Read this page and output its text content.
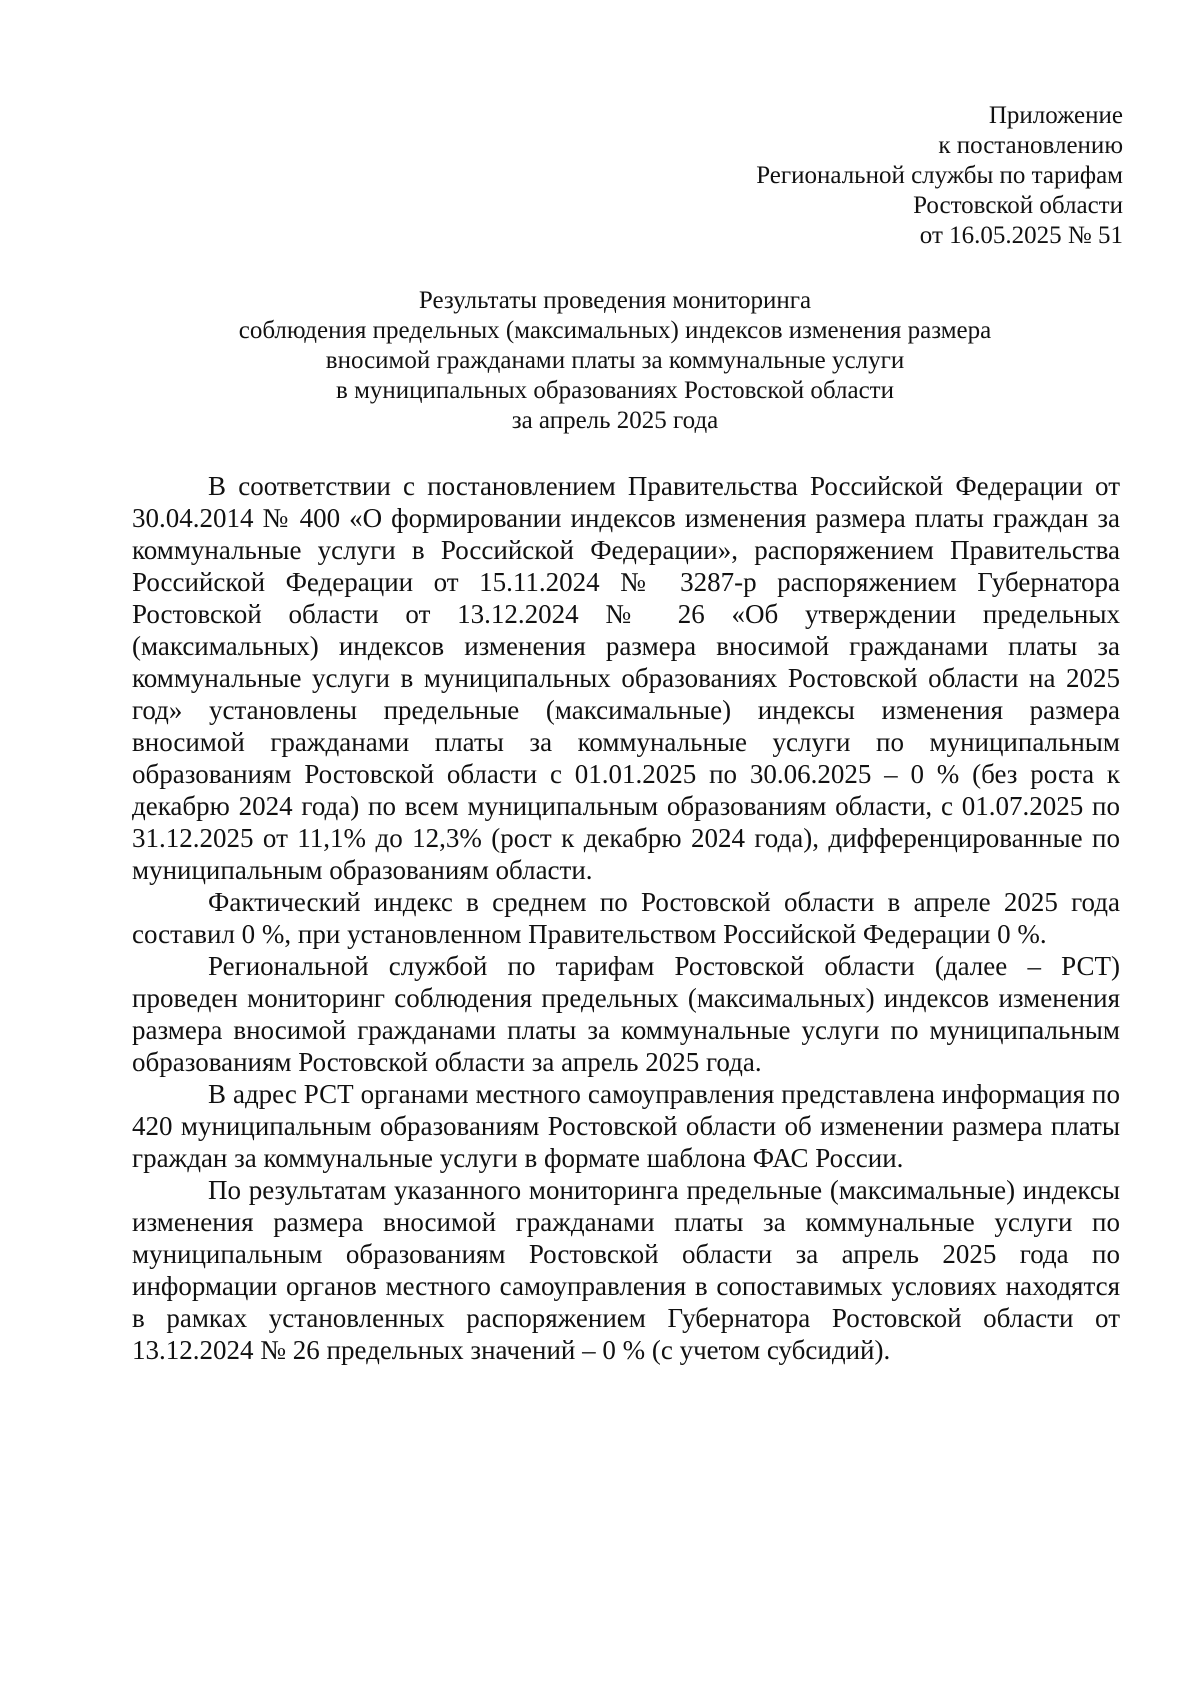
Приложение
к постановлению
Региональной службы по тарифам
Ростовской области
от 16.05.2025 № 51
Результаты проведения мониторинга
соблюдения предельных (максимальных) индексов изменения размера
вносимой гражданами платы за коммунальные услуги
в муниципальных образованиях Ростовской области
за апрель 2025 года

В соответствии с постановлением Правительства Российской Федерации от 30.04.2014 № 400 «О формировании индексов изменения размера платы граждан за коммунальные услуги в Российской Федерации», распоряжением Правительства Российской Федерации от 15.11.2024 № 3287-р распоряжением Губернатора Ростовской области от 13.12.2024 № 26 «Об утверждении предельных (максимальных) индексов изменения размера вносимой гражданами платы за коммунальные услуги в муниципальных образованиях Ростовской области на 2025 год» установлены предельные (максимальные) индексы изменения размера вносимой гражданами платы за коммунальные услуги по муниципальным образованиям Ростовской области с 01.01.2025 по 30.06.2025 – 0 % (без роста к декабрю 2024 года) по всем муниципальным образованиям области, с 01.07.2025 по 31.12.2025 от 11,1% до 12,3% (рост к декабрю 2024 года), дифференцированные по муниципальным образованиям области.

Фактический индекс в среднем по Ростовской области в апреле 2025 года составил 0 %, при установленном Правительством Российской Федерации 0 %.

Региональной службой по тарифам Ростовской области (далее – РСТ) проведен мониторинг соблюдения предельных (максимальных) индексов изменения размера вносимой гражданами платы за коммунальные услуги по муниципальным образованиям Ростовской области за апрель 2025 года.

В адрес РСТ органами местного самоуправления представлена информация по 420 муниципальным образованиям Ростовской области об изменении размера платы граждан за коммунальные услуги в формате шаблона ФАС России.

По результатам указанного мониторинга предельные (максимальные) индексы изменения размера вносимой гражданами платы за коммунальные услуги по муниципальным образованиям Ростовской области за апрель 2025 года по информации органов местного самоуправления в сопоставимых условиях находятся в рамках установленных распоряжением Губернатора Ростовской области от 13.12.2024 № 26 предельных значений – 0 % (с учетом субсидий).
